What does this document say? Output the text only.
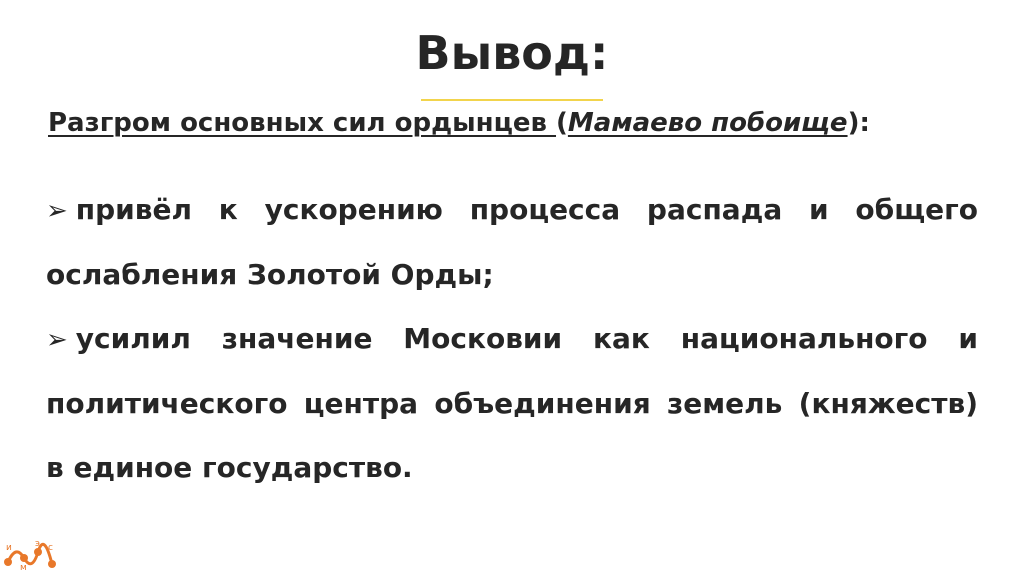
Вывод:
Разгром основных сил ордынцев (Мамаево побоище):

➢ привёл к ускорению процесса распада и общего ослабления Золотой Орды;

➢ усилил значение Московии как национального и политического центра объединения земель (княжеств) в единое государство.

и
м
э с
